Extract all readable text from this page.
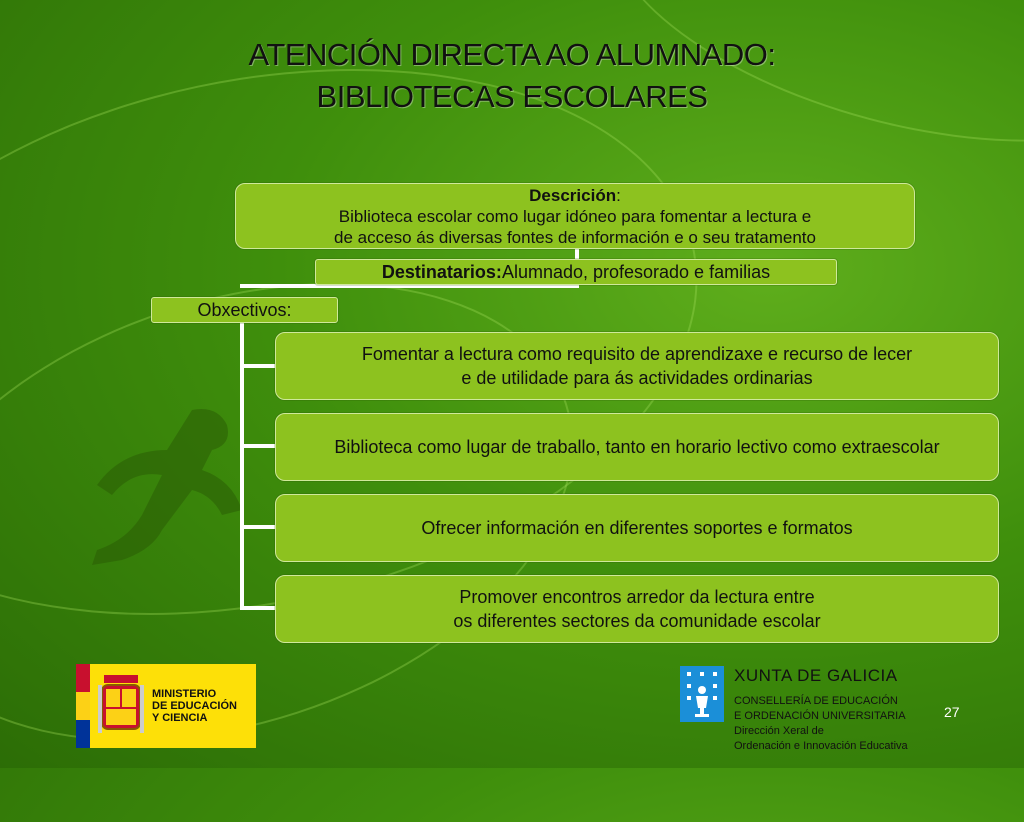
ATENCIÓN DIRECTA AO ALUMNADO:
BIBLIOTECAS ESCOLARES
Descrición:
Biblioteca escolar como lugar idóneo para fomentar a lectura e
de acceso ás diversas fontes de información e o seu tratamento
Destinatarios: Alumnado, profesorado e familias
Obxectivos:
Fomentar a lectura como requisito de aprendizaxe e recurso de lecer
e de utilidade para ás actividades ordinarias
Biblioteca como lugar de traballo, tanto en horario lectivo como extraescolar
Ofrecer información en diferentes soportes e formatos
Promover encontros arredor da lectura entre
os diferentes sectores da comunidade escolar
MINISTERIO
DE EDUCACIÓN
Y CIENCIA
XUNTA DE GALICIA
CONSELLERÍA DE EDUCACIÓN
E ORDENACIÓN UNIVERSITARIA
Dirección Xeral de
Ordenación e Innovación Educativa
27
